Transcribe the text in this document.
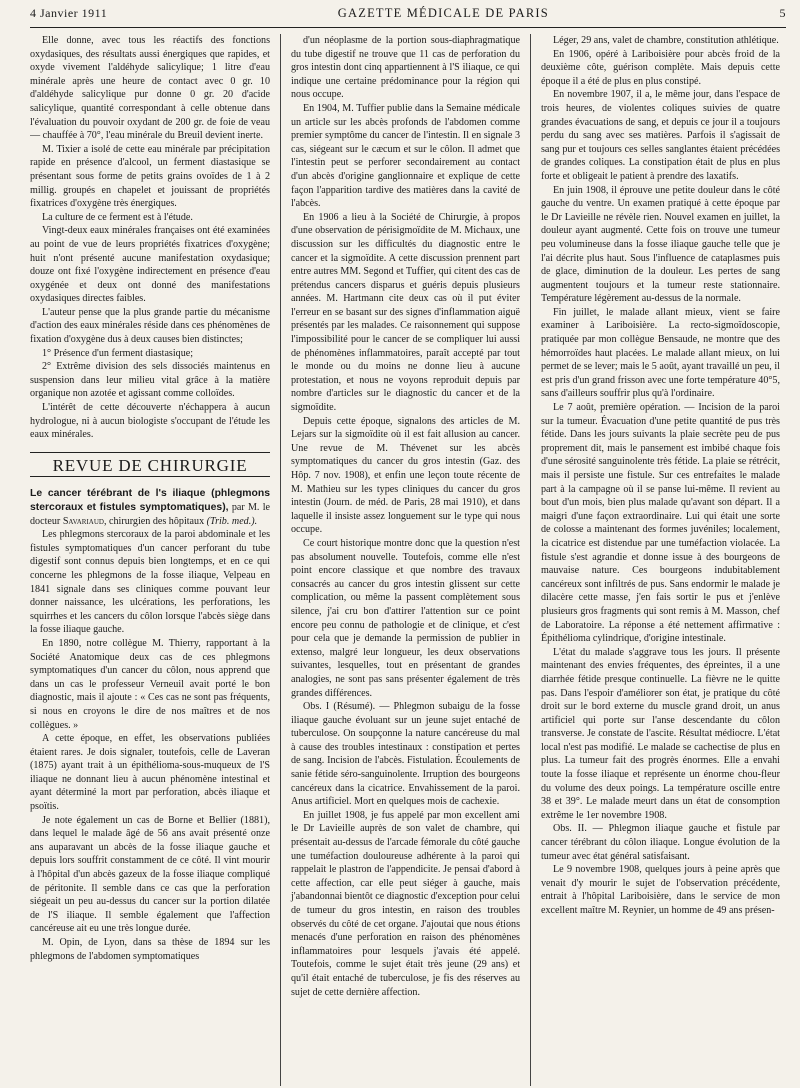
4 Janvier 1911	GAZETTE MÉDICALE DE PARIS	5

Elle donne, avec tous les réactifs des fonctions oxydasiques, des résultats aussi énergiques que rapides, et oxyde vivement l'aldéhyde salicylique; 1 litre d'eau minérale après une heure de contact avec 0 gr. 10 d'aldéhyde salicylique pur donne 0 gr. 20 d'acide salicylique, quantité correspondant à celle obtenue dans l'évaluation du pouvoir oxydant de 200 gr. de foie de veau — chauffée à 70°, l'eau minérale du Breuil devient inerte.

M. Tixier a isolé de cette eau minérale par précipitation rapide en présence d'alcool, un ferment diastasique se présentant sous forme de petits grains ovoïdes de 1 à 2 millig. groupés en chapelet et jouissant de propriétés fixatrices d'oxygène très énergiques.

La culture de ce ferment est à l'étude.

Vingt-deux eaux minérales françaises ont été examinées au point de vue de leurs propriétés fixatrices d'oxygène; huit n'ont présenté aucune manifestation oxydasique; douze ont fixé l'oxygène indirectement en présence d'eau oxygénée et deux ont donné des manifestations oxydasiques directes faibles.

L'auteur pense que la plus grande partie du mécanisme d'action des eaux minérales réside dans ces phénomènes de fixation d'oxygène dus à deux causes bien distinctes;

1° Présence d'un ferment diastasique;

2° Extrême division des sels dissociés maintenus en suspension dans leur milieu vital grâce à la matière organique non azotée et agissant comme colloïdes.

L'intérêt de cette découverte n'échappera à aucun hydrologue, ni à aucun biologiste s'occupant de l'étude les eaux minérales.

REVUE DE CHIRURGIE

Le cancer térébrant de l's iliaque (phlegmons stercoraux et fistules symptomatiques), par M. le docteur Savariaud, chirurgien des hôpitaux (Trib. med.).

Les phlegmons stercoraux de la paroi abdominale et les fistules symptomatiques d'un cancer perforant du tube digestif sont connus depuis bien longtemps, et en ce qui concerne les phlegmons de la fosse iliaque, Velpeau en 1841 signale dans ses cliniques comme pouvant leur donner naissance, les ulcérations, les perforations, les squirrhes et les cancers du côlon lorsque l'abcès siège dans la fosse iliaque gauche.

En 1890, notre collègue M. Thierry, rapportant à la Société Anatomique deux cas de ces phlegmons symptomatiques d'un cancer du côlon, nous apprend que dans un cas le professeur Verneuil avait porté le bon diagnostic, mais il ajoute : « Ces cas ne sont pas fréquents, si nous en croyons le dire de nos maîtres et de nos collègues. »

A cette époque, en effet, les observations publiées étaient rares. Je dois signaler, toutefois, celle de Laveran (1875) ayant trait à un épithélioma-sous-muqueux de l'S iliaque ne donnant lieu à aucun phénomène intestinal et ayant déterminé la mort par perforation, abcès iliaque et psoïtis.

Je note également un cas de Borne et Bellier (1881), dans lequel le malade âgé de 56 ans avait présenté onze ans auparavant un abcès de la fosse iliaque gauche et depuis lors souffrit constamment de ce côté. Il vint mourir à l'hôpital d'un abcès gazeux de la fosse iliaque compliqué de péritonite. Il semble dans ce cas que la perforation siégeait un peu au-dessus du cancer sur la portion dilatée de l'S iliaque. Il semble également que l'affection cancéreuse ait eu une très longue durée.

M. Opin, de Lyon, dans sa thèse de 1894 sur les phlegmons de l'abdomen symptomatiques

d'un néoplasme de la portion sous-diaphragmatique du tube digestif ne trouve que 11 cas de perforation du gros intestin dont cinq appartiennent à l'S iliaque, ce qui indique une certaine prédominance pour la région qui nous occupe.

En 1904, M. Tuffier publie dans la Semaine médicale un article sur les abcès profonds de l'abdomen comme premier symptôme du cancer de l'intestin. Il en signale 3 cas, siégeant sur le cæcum et sur le côlon. Il admet que l'intestin peut se perforer secondairement au contact d'un abcès d'origine ganglionnaire et explique de cette façon l'apparition tardive des matières dans la cavité de l'abcès.

En 1906 a lieu à la Société de Chirurgie, à propos d'une observation de périsigmoïdite de M. Michaux, une discussion sur les difficultés du diagnostic entre le cancer et la sigmoïdite. A cette discussion prennent part entre autres MM. Segond et Tuffier, qui citent des cas de prétendus cancers disparus et guéris depuis plusieurs années. M. Hartmann cite deux cas où il put éviter l'erreur en se basant sur des signes d'inflammation aiguë présentés par les malades. Ce raisonnement qui suppose l'impossibilité pour le cancer de se compliquer lui aussi de phénomènes inflammatoires, paraît accepté par tout le monde ou du moins ne donne lieu à aucune protestation, et nous ne voyons reproduit depuis par nombre d'articles sur le diagnostic du cancer et de la sigmoïdite.

Depuis cette époque, signalons des articles de M. Lejars sur la sigmoïdite où il est fait allusion au cancer. Une revue de M. Thévenet sur les abcès symptomatiques du cancer du gros intestin (Gaz. des Hôp. 7 nov. 1908), et enfin une leçon toute récente de M. Mathieu sur les types cliniques du cancer du gros intestin (Journ. de méd. de Paris, 28 mai 1910), et dans laquelle il insiste assez longuement sur le type qui nous occupe.

Ce court historique montre donc que la question n'est pas absolument nouvelle. Toutefois, comme elle n'est point encore classique et que nombre des travaux consacrés au cancer du gros intestin glissent sur cette complication, ou même la passent complètement sous silence, j'ai cru bon d'attirer l'attention sur ce point encore peu connu de pathologie et de clinique, et c'est pour cela que je demande la permission de publier in extenso, malgré leur longueur, les deux observations suivantes, lesquelles, tout en présentant de grandes analogies, ne sont pas sans présenter également de très grandes différences.

Obs. I (Résumé). — Phlegmon subaigu de la fosse iliaque gauche évoluant sur un jeune sujet entaché de tuberculose. On soupçonne la nature cancéreuse du mal à cause des troubles intestinaux : constipation et pertes de sang. Incision de l'abcès. Fistulation. Écoulements de sanie fétide séro-sanguinolente. Irruption des bourgeons cancéreux dans la cicatrice. Envahissement de la paroi. Anus artificiel. Mort en quelques mois de cachexie.

En juillet 1908, je fus appelé par mon excellent ami le Dr Lavieille auprès de son valet de chambre, qui présentait au-dessus de l'arcade fémorale du côté gauche une tuméfaction douloureuse adhérente à la paroi qui rappelait le plastron de l'appendicite. Je pensai d'abord à cette affection, car elle peut siéger à gauche, mais j'abandonnai bientôt ce diagnostic d'exception pour celui de tumeur du gros intestin, en raison des troubles observés du côté de cet organe. J'ajoutai que nous étions menacés d'une perforation en raison des phénomènes inflammatoires pour lesquels j'avais été appelé. Toutefois, comme le sujet était très jeune (29 ans) et qu'il était entaché de tuberculose, je fis des réserves au sujet de cette dernière affection.

Léger, 29 ans, valet de chambre, constitution athlétique.

En 1906, opéré à Lariboisière pour abcès froid de la deuxième côte, guérison complète. Mais depuis cette époque il a été de plus en plus constipé.

En novembre 1907, il a, le même jour, dans l'espace de trois heures, de violentes coliques suivies de quatre grandes évacuations de sang, et depuis ce jour il a toujours perdu du sang avec ses matières. Parfois il s'agissait de sang pur et toujours ces selles sanglantes étaient précédées de grandes coliques. La constipation était de plus en plus forte et obligeait le patient à prendre des laxatifs.

En juin 1908, il éprouve une petite douleur dans le côté gauche du ventre. Un examen pratiqué à cette époque par le Dr Lavieille ne révèle rien. Nouvel examen en juillet, la douleur ayant augmenté. Cette fois on trouve une tumeur peu volumineuse dans la fosse iliaque gauche telle que je l'ai décrite plus haut. Sous l'influence de cataplasmes puis de glace, diminution de la douleur. Les pertes de sang augmentent toujours et la tumeur reste stationnaire. Température légèrement au-dessus de la normale.

Fin juillet, le malade allant mieux, vient se faire examiner à Lariboisière. La recto-sigmoïdoscopie, pratiquée par mon collègue Bensaude, ne montre que des hémorroïdes haut placées. Le malade allant mieux, on lui permet de se lever; mais le 5 août, ayant travaillé un peu, il est pris d'un grand frisson avec une forte température 40°5, sans d'ailleurs souffrir plus qu'à l'ordinaire.

Le 7 août, première opération. — Incision de la paroi sur la tumeur. Évacuation d'une petite quantité de pus très fétide. Dans les jours suivants la plaie secrète peu de pus proprement dit, mais le pansement est imbibé chaque fois d'une sérosité sanguinolente très fétide. La plaie se rétrécit, mais il persiste une fistule. Sur ces entrefaites le malade part à la campagne où il se panse lui-même. Il revient au bout d'un mois, bien plus malade qu'avant son départ. Il a maigri d'une façon extraordinaire. Lui qui était une sorte de colosse a maintenant des formes juvéniles; localement, la cicatrice est distendue par une tuméfaction violacée. La fistule s'est agrandie et donne issue à des bourgeons de mauvaise nature. Ces bourgeons indubitablement cancéreux sont infiltrés de pus. Sans endormir le malade je dilacère cette masse, j'en fais sortir le pus et j'enlève plusieurs gros fragments qui sont remis à M. Masson, chef de Laboratoire. La réponse a été nettement affirmative : Épithélioma cylindrique, d'origine intestinale.

L'état du malade s'aggrave tous les jours. Il présente maintenant des envies fréquentes, des épreintes, il a une diarrhée fétide presque continuelle. La fièvre ne le quitte pas. Dans l'espoir d'améliorer son état, je pratique du côté droit sur le bord externe du muscle grand droit, un anus artificiel qui porte sur l'anse descendante du côlon transverse. Je constate de l'ascite. Résultat médiocre. L'état local n'est pas modifié. Le malade se cachectise de plus en plus. La tumeur fait des progrès énormes. Elle a envahi toute la fosse iliaque et représente un énorme chou-fleur du volume des deux poings. La température oscille entre 38 et 39°. Le malade meurt dans un état de consomption extrême le 1er novembre 1908.

Obs. II. — Phlegmon iliaque gauche et fistule par cancer térébrant du côlon iliaque. Longue évolution de la tumeur avec état général satisfaisant.

Le 9 novembre 1908, quelques jours à peine après que venait d'y mourir le sujet de l'observation précédente, entrait à l'hôpital Lariboisière, dans le service de mon excellent maître M. Reynier, un homme de 49 ans présen-
